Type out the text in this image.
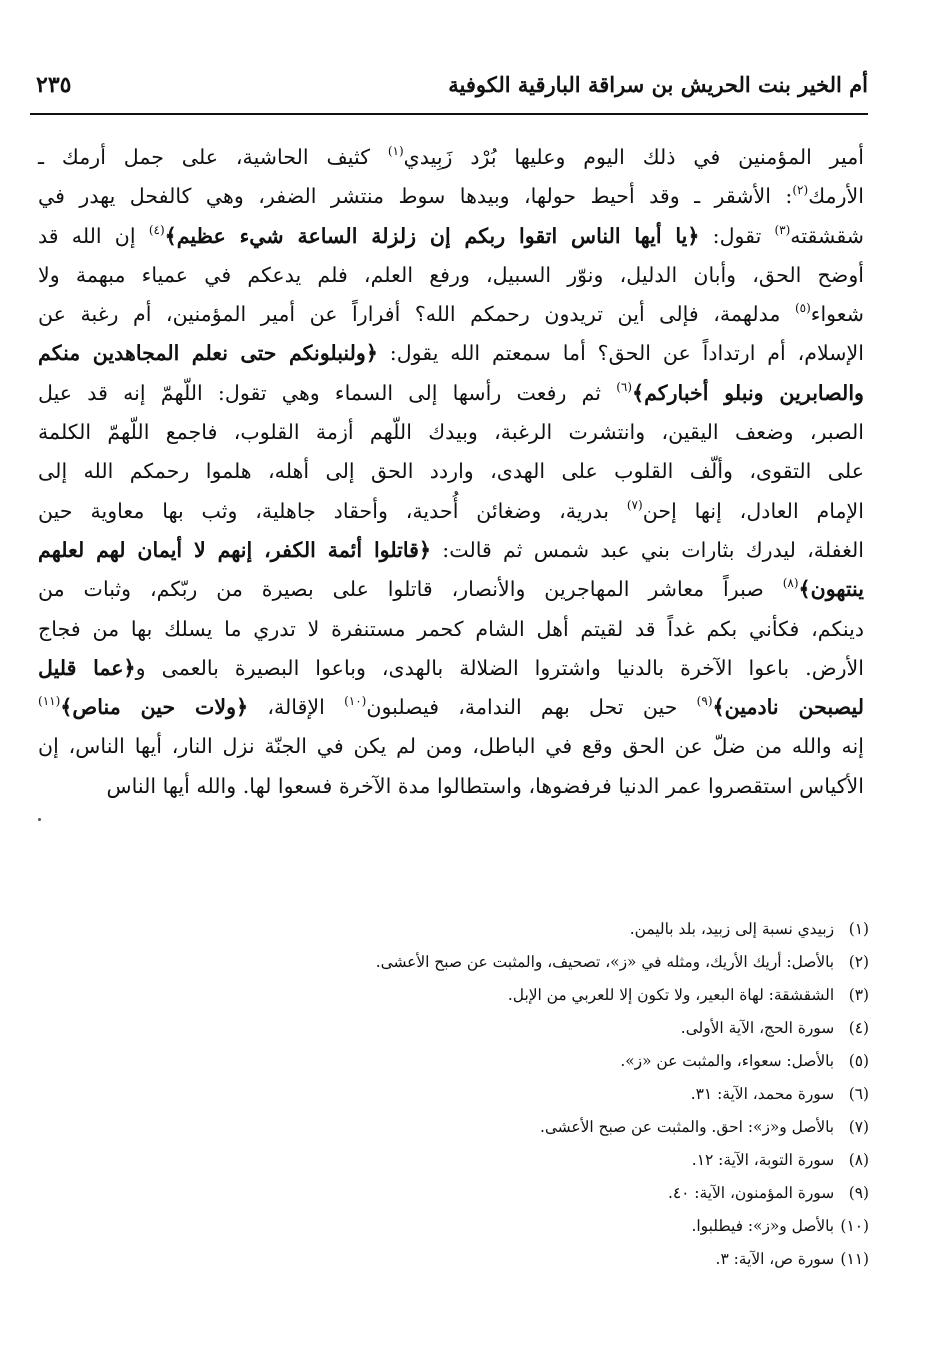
أم الخير بنت الحريش بن سراقة البارقية الكوفية
٢٣٥
أمير المؤمنين في ذلك اليوم وعليها بُرْد زَبِيدي$^{(١)}$ كثيف الحاشية، على جمل أرمك ـ
الأرمك$^{(٢)}$: الأشقر ـ وقد أحيط حولها، وبيدها سوط منتشر الضفر، وهي كالفحل يهدر في
شقشقته$^{(٣)}$ تقول: ﴿يا أيها الناس اتقوا ربكم إن زلزلة الساعة شيء عظيم﴾$^{(٤)}$ إن الله قد
أوضح الحق، وأبان الدليل، ونوّر السبيل، ورفع العلم، فلم يدعكم في عمياء مبهمة ولا
شعواء$^{(٥)}$ مدلهمة، فإلى أين تريدون رحمكم الله؟ أفراراً عن أمير المؤمنين، أم رغبة عن
الإسلام، أم ارتداداً عن الحق؟ أما سمعتم الله يقول: ﴿ولنبلونكم حتى نعلم المجاهدين منكم
والصابرين ونبلو أخباركم﴾$^{(٦)}$ ثم رفعت رأسها إلى السماء وهي تقول: اللّهمّ إنه قد عيل
الصبر، وضعف اليقين، وانتشرت الرغبة، وبيدك اللّهم أزمة القلوب، فاجمع اللّهمّ الكلمة
على التقوى، وألّف القلوب على الهدى، واردد الحق إلى أهله، هلموا رحمكم الله إلى
الإمام العادل، إنها إحن$^{(٧)}$ بدرية، وضغائن أُحدية، وأحقاد جاهلية، وثب بها معاوية حين
الغفلة، ليدرك بثارات بني عبد شمس ثم قالت: ﴿قاتلوا أئمة الكفر، إنهم لا أيمان لهم لعلهم
ينتهون﴾$^{(٨)}$ صبراً معاشر المهاجرين والأنصار، قاتلوا على بصيرة من ربّكم، وثبات من
دينكم، فكأني بكم غداً قد لقيتم أهل الشام كحمر مستنفرة لا تدري ما يسلك بها من فجاج
الأرض. باعوا الآخرة بالدنيا واشتروا الضلالة بالهدى، وباعوا البصيرة بالعمى و﴿عما قليل
ليصبحن نادمين﴾$^{(٩)}$ حين تحل بهم الندامة، فيصلبون$^{(١٠)}$ الإقالة، ﴿ولات حين مناص﴾$^{(١١)}$
إنه والله من ضلّ عن الحق وقع في الباطل، ومن لم يكن في الجنّة نزل النار، أيها الناس، إن
الأكياس استقصروا عمر الدنيا فرفضوها، واستطالوا مدة الآخرة فسعوا لها. والله أيها الناس
(١) زبيدي نسبة إلى زبيد، بلد باليمن.
(٢) بالأصل: أريك الأريك، ومثله في «ز»، تصحيف، والمثبت عن صبح الأعشى.
(٣) الشقشقة: لهاة البعير، ولا تكون إلا للعربي من الإبل.
(٤) سورة الحج، الآية الأولى.
(٥) بالأصل: سعواء، والمثبت عن «ز».
(٦) سورة محمد، الآية: ٣١.
(٧) بالأصل و«ز»: احق. والمثبت عن صبح الأعشى.
(٨) سورة التوبة، الآية: ١٢.
(٩) سورة المؤمنون، الآية: ٤٠.
(١٠) بالأصل و«ز»: فيطلبوا.
(١١) سورة ص، الآية: ٣.
